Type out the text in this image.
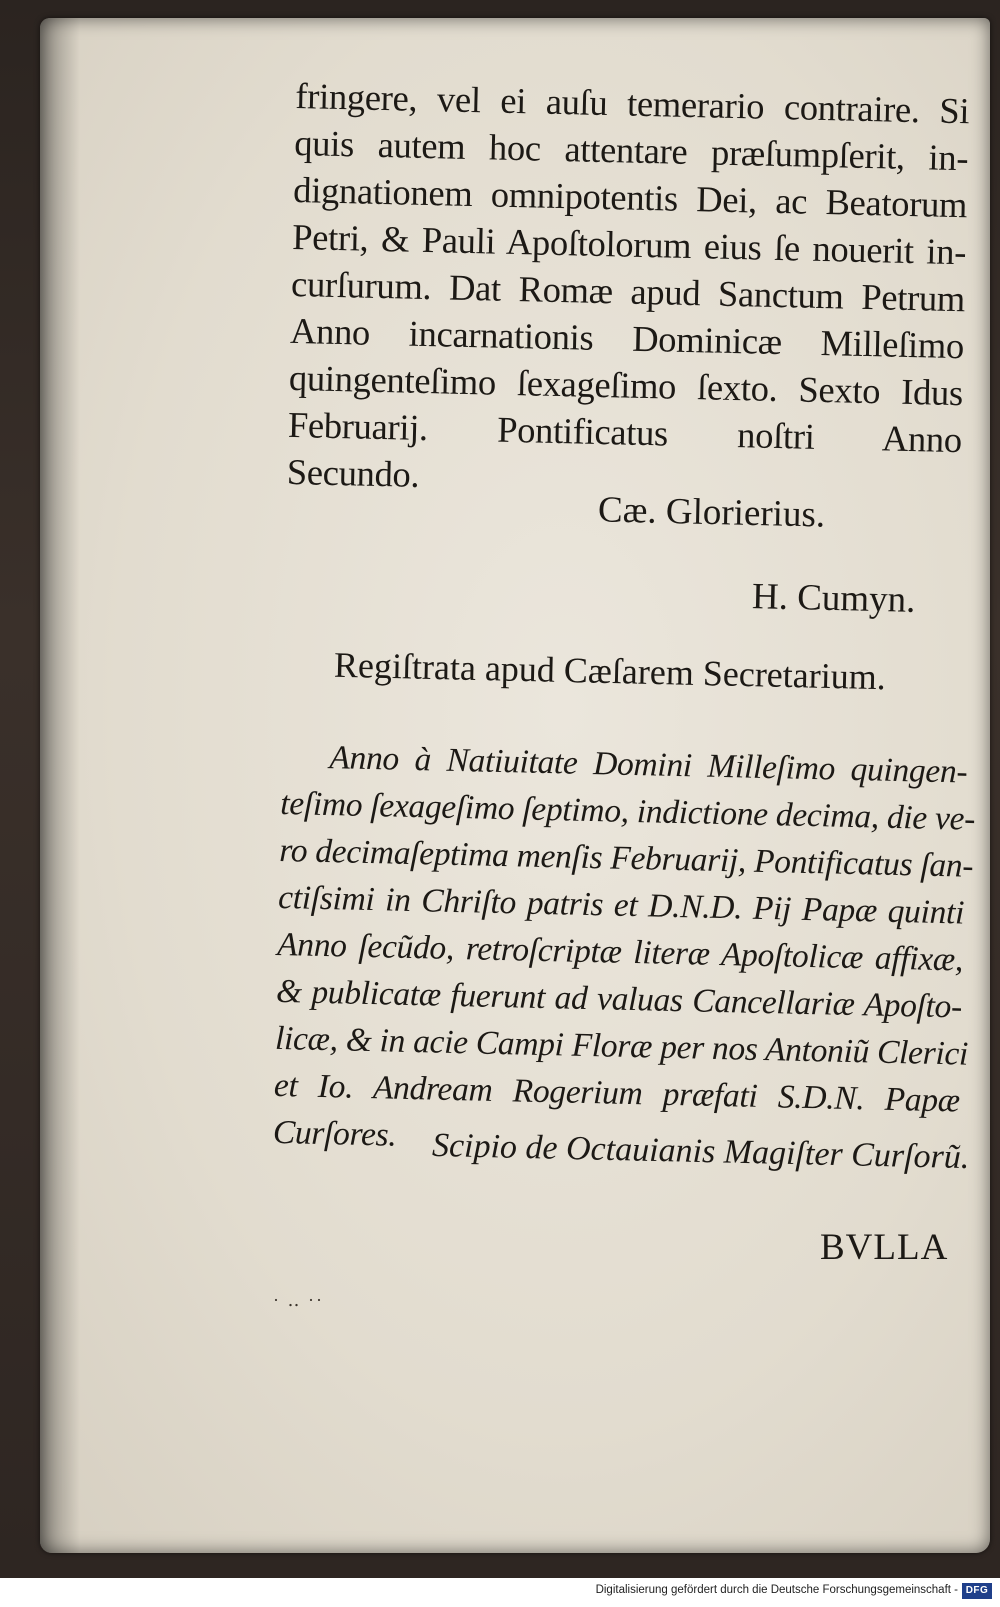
fringere, vel ei auſu temerario contraire. Si
quis autem hoc attentare præſumpſerit, in-
dignationem omnipotentis Dei, ac Beatorum
Petri, & Pauli Apoſtolorum eius ſe nouerit in-
curſurum. Dat Romæ apud Sanctum Petrum
Anno incarnationis Dominicæ Milleſimo
quingenteſimo ſexageſimo ſexto. Sexto Idus
Februarij. Pontificatus noſtri Anno
Secundo.
Cæ. Glorierius.
H. Cumyn.
Regiſtrata apud Cæſarem Secretarium.
Anno à Natiuitate Domini Milleſimo quingen-
teſimo ſexageſimo ſeptimo, indictione decima, die ve-
ro decimaſeptima menſis Februarij, Pontificatus ſan-
ctiſsimi in Chriſto patris et D.N.D. Pij Papæ quinti
Anno ſecũdo, retroſcriptæ literæ Apoſtolicæ affixæ,
& publicatæ fuerunt ad valuas Cancellariæ Apoſto-
licæ, & in acie Campi Floræ per nos Antoniũ Clerici
et Io. Andream Rogerium præfati S.D.N. Papæ
Curſores.	Scipio de Octauianis Magiſter Curſorũ.
BVLLA
· ‥ ··
Digitalisierung gefördert durch die Deutsche Forschungsgemeinschaft - DFG
